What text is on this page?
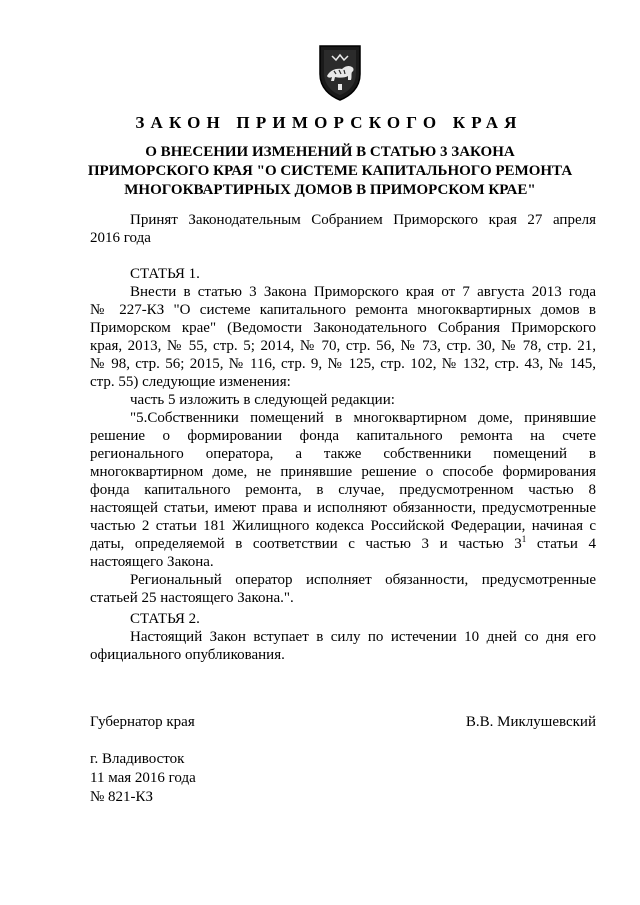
ЗАКОН ПРИМОРСКОГО КРАЯ
О ВНЕСЕНИИ ИЗМЕНЕНИЙ В СТАТЬЮ 3 ЗАКОНА
ПРИМОРСКОГО КРАЯ "О СИСТЕМЕ КАПИТАЛЬНОГО РЕМОНТА
МНОГОКВАРТИРНЫХ ДОМОВ В ПРИМОРСКОМ КРАЕ"
Принят Законодательным Собранием Приморского края 27 апреля
2016 года
СТАТЬЯ 1.
Внести в статью 3 Закона Приморского края от 7 августа 2013 года
№ 227-КЗ "О системе капитального ремонта многоквартирных домов в
Приморском крае" (Ведомости Законодательного Собрания Приморского
края, 2013, № 55, стр. 5; 2014, № 70, стр. 56, № 73, стр. 30, № 78, стр. 21,
№ 98, стр. 56; 2015, № 116, стр. 9, № 125, стр. 102, № 132, стр. 43, № 145,
стр. 55) следующие изменения:
часть 5 изложить в следующей редакции:
"5.Собственники помещений в многоквартирном доме, принявшие
решение о формировании фонда капитального ремонта на счете
регионального оператора, а также собственники помещений в
многоквартирном доме, не принявшие решение о способе формирования
фонда капитального ремонта, в случае, предусмотренном частью 8
настоящей статьи, имеют права и исполняют обязанности, предусмотренные
частью 2 статьи 181 Жилищного кодекса Российской Федерации, начиная с
даты, определяемой в соответствии с частью 3 и частью $3^1$ статьи 4
настоящего Закона.
Региональный оператор исполняет обязанности, предусмотренные
статьей 25 настоящего Закона.".
СТАТЬЯ 2.
Настоящий Закон вступает в силу по истечении 10 дней со дня его
официального опубликования.
Губернатор края	В.В. Миклушевский
г. Владивосток
11 мая 2016 года
№ 821-КЗ
